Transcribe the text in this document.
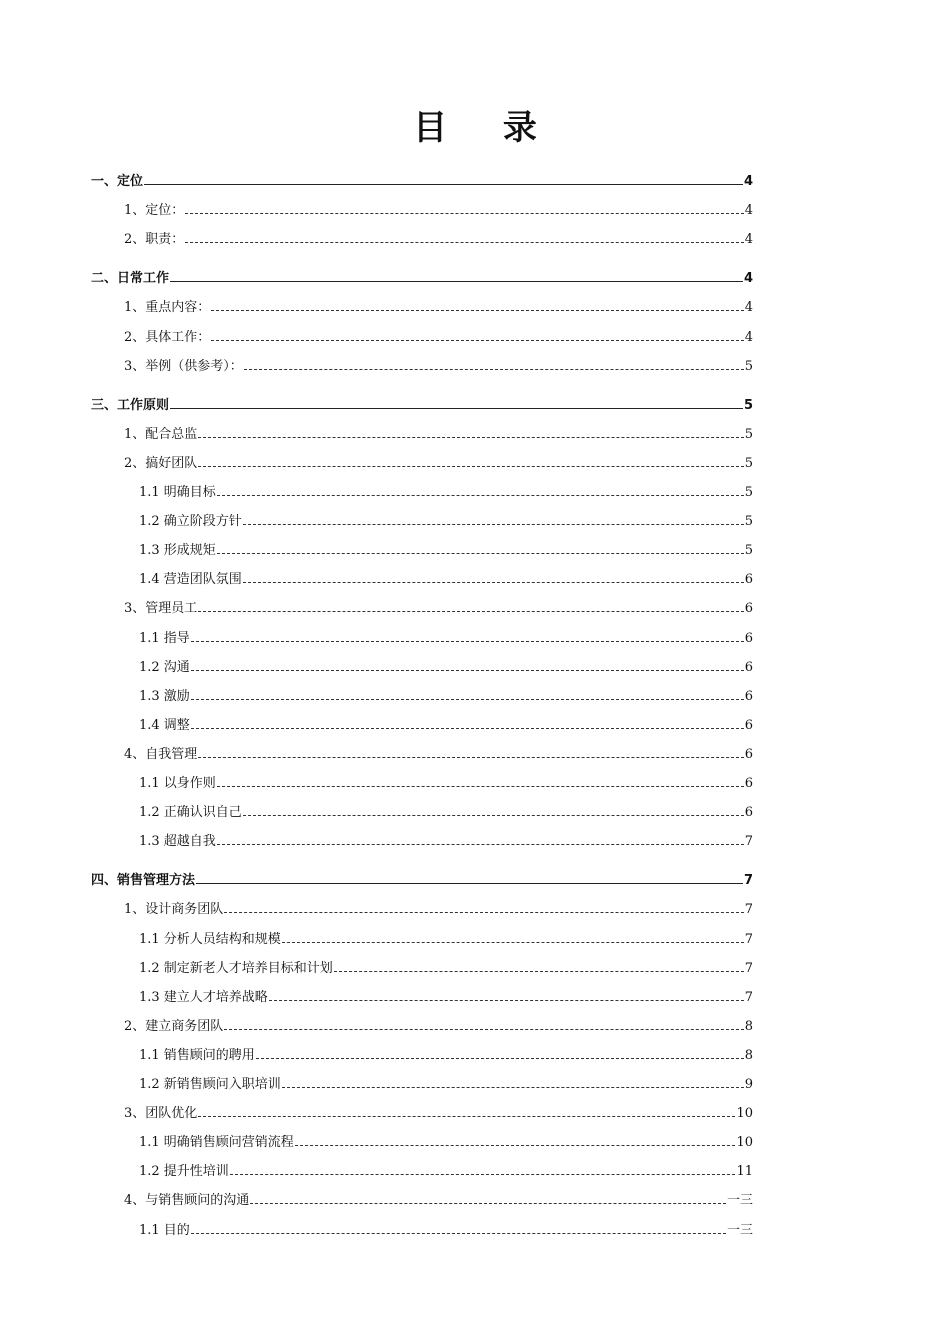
目 录
一、定位	4
1、定位：	4
2、职责：	4
二、日常工作	4
1、重点内容：	4
2、具体工作：	4
3、举例（供参考）：	5
三、工作原则	5
1、配合总监	5
2、搞好团队	5
1.1 明确目标	5
1.2 确立阶段方针	5
1.3 形成规矩	5
1.4 营造团队氛围	6
3、管理员工	6
1.1 指导	6
1.2 沟通	6
1.3 激励	6
1.4 调整	6
4、自我管理	6
1.1 以身作则	6
1.2 正确认识自己	6
1.3 超越自我	7
四、销售管理方法	7
1、设计商务团队	7
1.1 分析人员结构和规模	7
1.2 制定新老人才培养目标和计划	7
1.3 建立人才培养战略	7
2、建立商务团队	8
1.1 销售顾问的聘用	8
1.2 新销售顾问入职培训	9
3、团队优化	10
1.1 明确销售顾问营销流程	10
1.2 提升性培训	11
4、与销售顾问的沟通	一三
1.1 目的	一三
